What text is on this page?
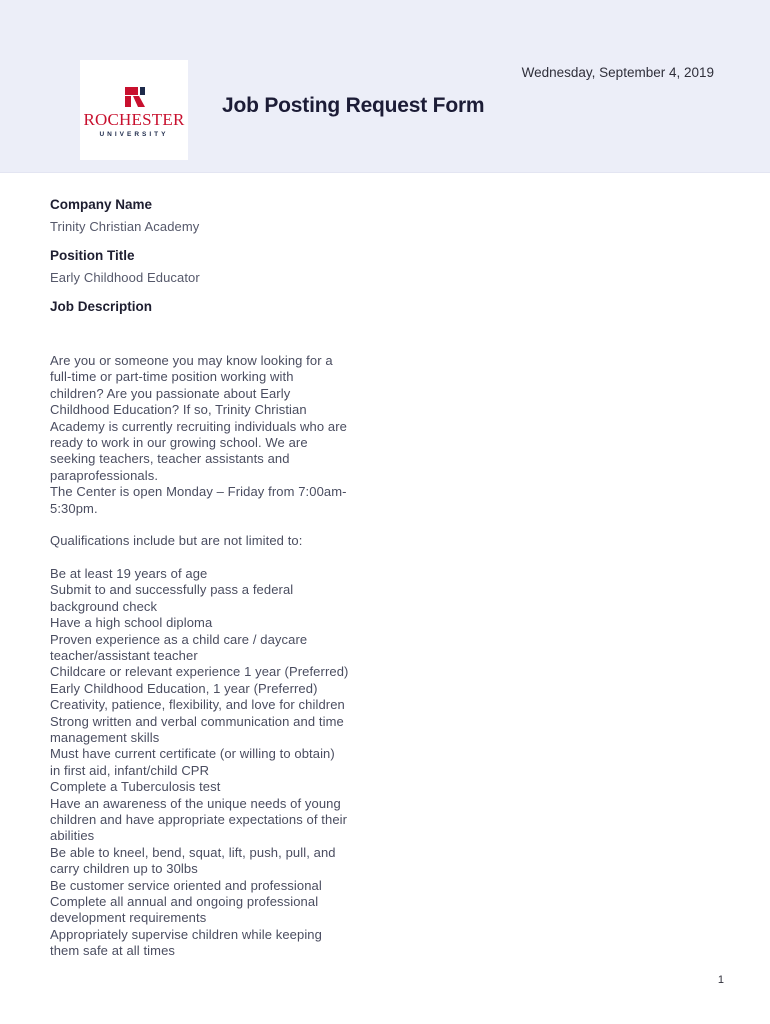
ROCHESTER
UNIVERSITY
Wednesday, September 4, 2019
Job Posting Request Form
Company Name
Trinity Christian Academy
Position Title
Early Childhood Educator
Job Description
Are you or someone you may know looking for a
full-time or part-time position working with
children? Are you passionate about Early
Childhood Education? If so, Trinity Christian
Academy is currently recruiting individuals who are
ready to work in our growing school. We are
seeking teachers, teacher assistants and
paraprofessionals.
The Center is open Monday – Friday from 7:00am-
5:30pm.
Qualifications include but are not limited to:
Be at least 19 years of age
Submit to and successfully pass a federal
background check
Have a high school diploma
Proven experience as a child care / daycare
teacher/assistant teacher
Childcare or relevant experience 1 year (Preferred)
Early Childhood Education, 1 year (Preferred)
Creativity, patience, flexibility, and love for children
Strong written and verbal communication and time
management skills
Must have current certificate (or willing to obtain)
in first aid, infant/child CPR
Complete a Tuberculosis test
Have an awareness of the unique needs of young
children and have appropriate expectations of their
abilities
Be able to kneel, bend, squat, lift, push, pull, and
carry children up to 30lbs
Be customer service oriented and professional
Complete all annual and ongoing professional
development requirements
Appropriately supervise children while keeping
them safe at all times
1
